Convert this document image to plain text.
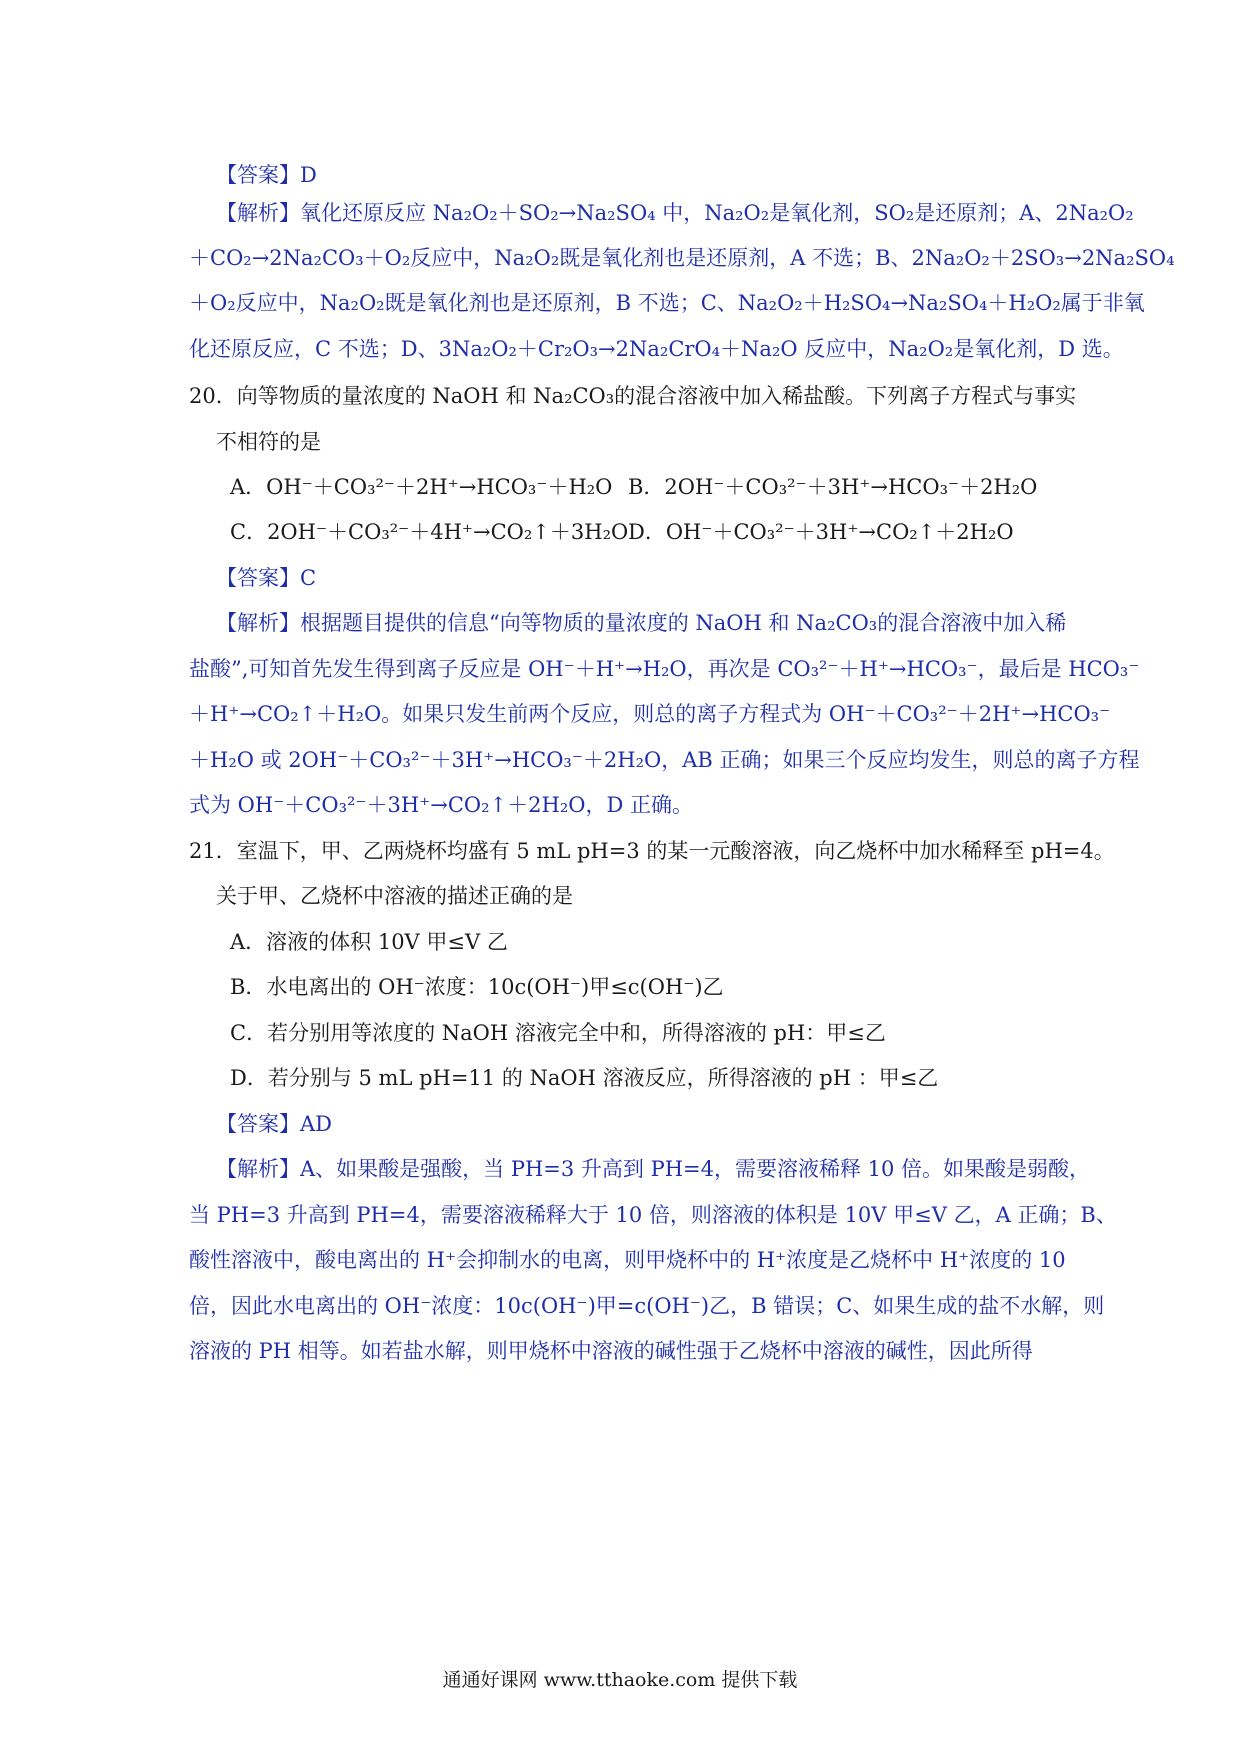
【答案】D
【解析】氧化还原反应 Na₂O₂＋SO₂→Na₂SO₄ 中，Na₂O₂是氧化剂，SO₂是还原剂；A、2Na₂O₂
＋CO₂→2Na₂CO₃＋O₂反应中，Na₂O₂既是氧化剂也是还原剂，A 不选；B、2Na₂O₂＋2SO₃→2Na₂SO₄
＋O₂反应中，Na₂O₂既是氧化剂也是还原剂，B 不选；C、Na₂O₂＋H₂SO₄→Na₂SO₄＋H₂O₂属于非氧
化还原反应，C 不选；D、3Na₂O₂＋Cr₂O₃→2Na₂CrO₄＋Na₂O 反应中，Na₂O₂是氧化剂，D 选。
20．向等物质的量浓度的 NaOH 和 Na₂CO₃的混合溶液中加入稀盐酸。下列离子方程式与事实
不相符的是
A．OH⁻＋CO₃²⁻＋2H⁺→HCO₃⁻＋H₂O B．2OH⁻＋CO₃²⁻＋3H⁺→HCO₃⁻＋2H₂O
C．2OH⁻＋CO₃²⁻＋4H⁺→CO₂↑＋3H₂O D．OH⁻＋CO₃²⁻＋3H⁺→CO₂↑＋2H₂O
【答案】C
【解析】根据题目提供的信息“向等物质的量浓度的 NaOH 和 Na₂CO₃的混合溶液中加入稀
盐酸”,可知首先发生得到离子反应是 OH⁻＋H⁺→H₂O，再次是 CO₃²⁻＋H⁺→HCO₃⁻，最后是 HCO₃⁻
＋H⁺→CO₂↑＋H₂O。如果只发生前两个反应，则总的离子方程式为 OH⁻＋CO₃²⁻＋2H⁺→HCO₃⁻
＋H₂O 或 2OH⁻＋CO₃²⁻＋3H⁺→HCO₃⁻＋2H₂O，AB 正确；如果三个反应均发生，则总的离子方程
式为 OH⁻＋CO₃²⁻＋3H⁺→CO₂↑＋2H₂O，D 正确。
21．室温下，甲、乙两烧杯均盛有 5 mL pH=3 的某一元酸溶液，向乙烧杯中加水稀释至 pH=4。
关于甲、乙烧杯中溶液的描述正确的是
A．溶液的体积 10V 甲≤V 乙
B．水电离出的 OH⁻浓度：10c(OH⁻)甲≤c(OH⁻)乙
C．若分别用等浓度的 NaOH 溶液完全中和，所得溶液的 pH：甲≤乙
D．若分别与 5 mL pH=11 的 NaOH 溶液反应，所得溶液的 pH ：甲≤乙
【答案】AD
【解析】A、如果酸是强酸，当 PH=3 升高到 PH=4，需要溶液稀释 10 倍。如果酸是弱酸，
当 PH=3 升高到 PH=4，需要溶液稀释大于 10 倍，则溶液的体积是 10V 甲≤V 乙，A 正确；B、
酸性溶液中，酸电离出的 H⁺会抑制水的电离，则甲烧杯中的 H⁺浓度是乙烧杯中 H⁺浓度的 10
倍，因此水电离出的 OH⁻浓度：10c(OH⁻)甲=c(OH⁻)乙，B 错误；C、如果生成的盐不水解，则
溶液的 PH 相等。如若盐水解，则甲烧杯中溶液的碱性强于乙烧杯中溶液的碱性，因此所得
通通好课网 www.tthaoke.com 提供下载
